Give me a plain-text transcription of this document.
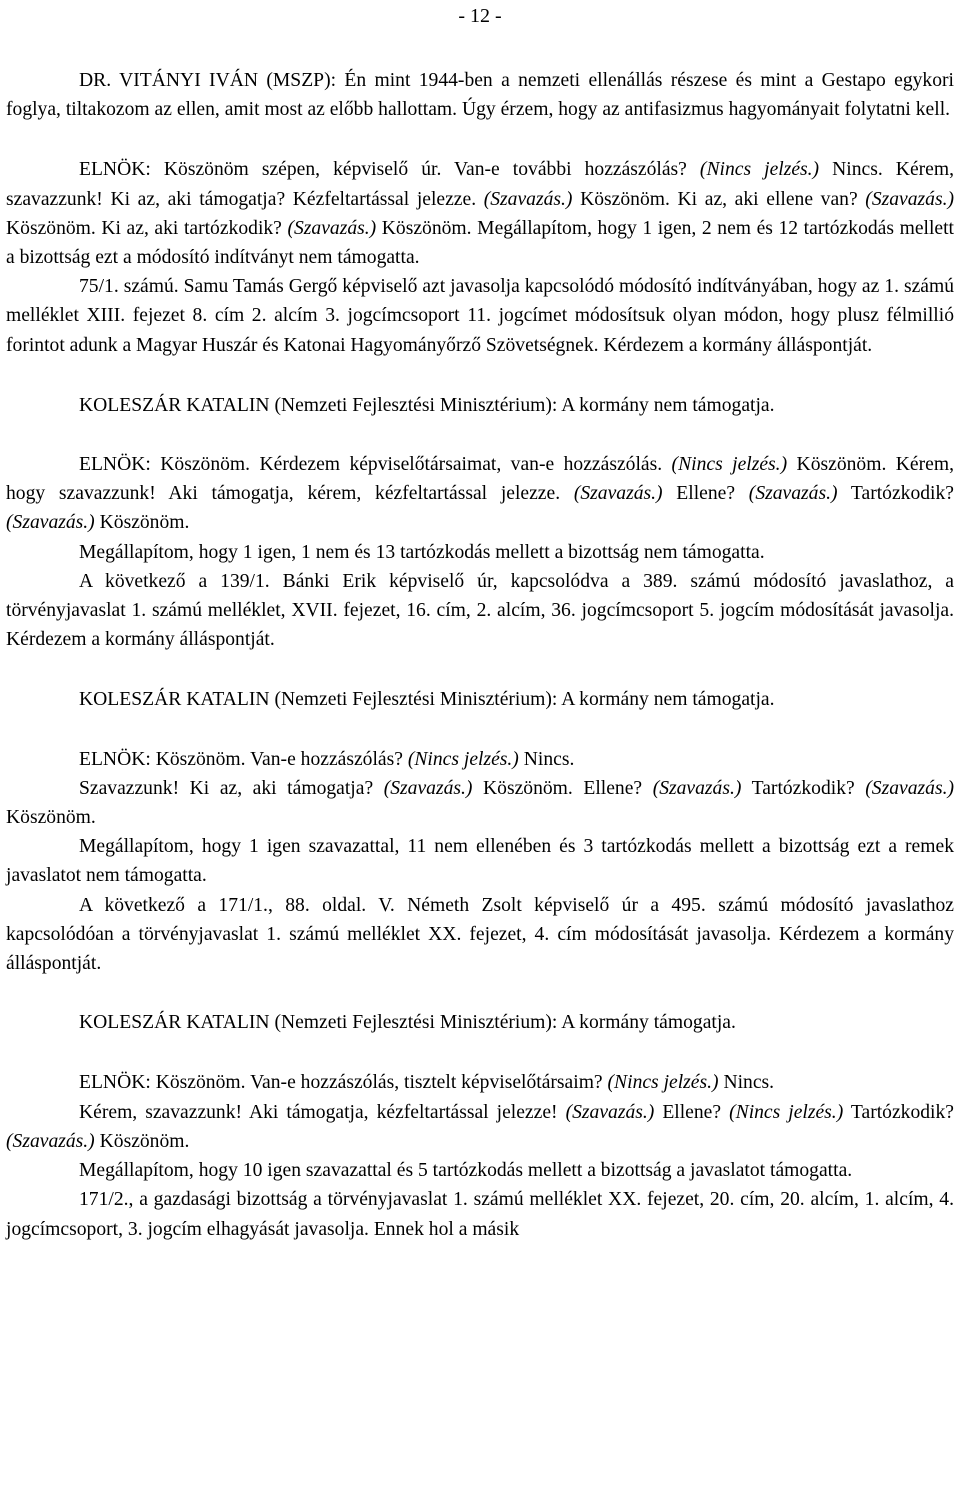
- 12 -

DR. VITÁNYI IVÁN (MSZP): Én mint 1944-ben a nemzeti ellenállás részese és mint a Gestapo egykori foglya, tiltakozom az ellen, amit most az előbb hallottam. Úgy érzem, hogy az antifasizmus hagyományait folytatni kell.

ELNÖK: Köszönöm szépen, képviselő úr. Van-e további hozzászólás? (Nincs jelzés.) Nincs. Kérem, szavazzunk! Ki az, aki támogatja? Kézfeltartással jelezze. (Szavazás.) Köszönöm. Ki az, aki ellene van? (Szavazás.) Köszönöm. Ki az, aki tartózkodik? (Szavazás.) Köszönöm. Megállapítom, hogy 1 igen, 2 nem és 12 tartózkodás mellett a bizottság ezt a módosító indítványt nem támogatta.

75/1. számú. Samu Tamás Gergő képviselő azt javasolja kapcsolódó módosító indítványában, hogy az 1. számú melléklet XIII. fejezet 8. cím 2. alcím 3. jogcímcsoport 11. jogcímet módosítsuk olyan módon, hogy plusz félmillió forintot adunk a Magyar Huszár és Katonai Hagyományőrző Szövetségnek. Kérdezem a kormány álláspontját.

KOLESZÁR KATALIN (Nemzeti Fejlesztési Minisztérium): A kormány nem támogatja.

ELNÖK: Köszönöm. Kérdezem képviselőtársaimat, van-e hozzászólás. (Nincs jelzés.) Köszönöm. Kérem, hogy szavazzunk! Aki támogatja, kérem, kézfeltartással jelezze. (Szavazás.) Ellene? (Szavazás.) Tartózkodik? (Szavazás.) Köszönöm.

Megállapítom, hogy 1 igen, 1 nem és 13 tartózkodás mellett a bizottság nem támogatta.

A következő a 139/1. Bánki Erik képviselő úr, kapcsolódva a 389. számú módosító javaslathoz, a törvényjavaslat 1. számú melléklet, XVII. fejezet, 16. cím, 2. alcím, 36. jogcímcsoport 5. jogcím módosítását javasolja. Kérdezem a kormány álláspontját.

KOLESZÁR KATALIN (Nemzeti Fejlesztési Minisztérium): A kormány nem támogatja.

ELNÖK: Köszönöm. Van-e hozzászólás? (Nincs jelzés.) Nincs.

Szavazzunk! Ki az, aki támogatja? (Szavazás.) Köszönöm. Ellene? (Szavazás.) Tartózkodik? (Szavazás.) Köszönöm.

Megállapítom, hogy 1 igen szavazattal, 11 nem ellenében és 3 tartózkodás mellett a bizottság ezt a remek javaslatot nem támogatta.

A következő a 171/1., 88. oldal. V. Németh Zsolt képviselő úr a 495. számú módosító javaslathoz kapcsolódóan a törvényjavaslat 1. számú melléklet XX. fejezet, 4. cím módosítását javasolja. Kérdezem a kormány álláspontját.

KOLESZÁR KATALIN (Nemzeti Fejlesztési Minisztérium): A kormány támogatja.

ELNÖK: Köszönöm. Van-e hozzászólás, tisztelt képviselőtársaim? (Nincs jelzés.) Nincs.

Kérem, szavazzunk! Aki támogatja, kézfeltartással jelezze! (Szavazás.) Ellene? (Nincs jelzés.) Tartózkodik? (Szavazás.) Köszönöm.

Megállapítom, hogy 10 igen szavazattal és 5 tartózkodás mellett a bizottság a javaslatot támogatta.

171/2., a gazdasági bizottság a törvényjavaslat 1. számú melléklet XX. fejezet, 20. cím, 20. alcím, 1. alcím, 4. jogcímcsoport, 3. jogcím elhagyását javasolja. Ennek hol a másik
